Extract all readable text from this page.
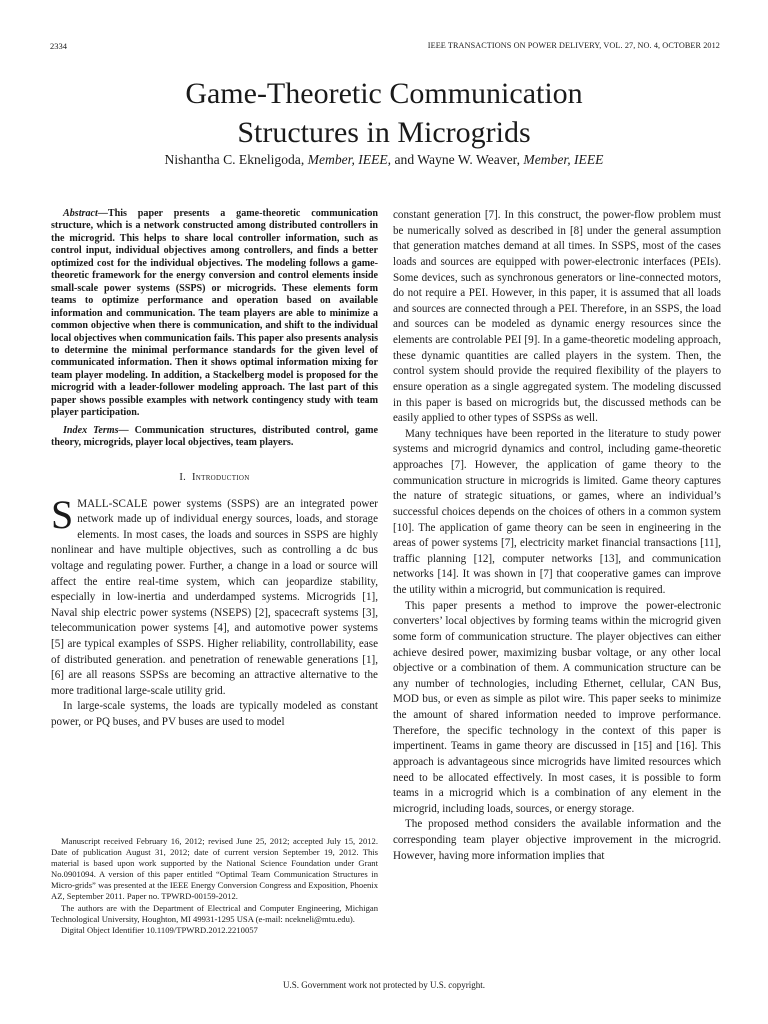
2334	IEEE TRANSACTIONS ON POWER DELIVERY, VOL. 27, NO. 4, OCTOBER 2012
Game-Theoretic Communication
Structures in Microgrids
Nishantha C. Ekneligoda, Member, IEEE, and Wayne W. Weaver, Member, IEEE

Abstract—This paper presents a game-theoretic communication structure, which is a network constructed among distributed controllers in the microgrid. This helps to share local controller information, such as control input, individual objectives among controllers, and finds a better optimized cost for the individual objectives. The modeling follows a game-theoretic framework for the energy conversion and control elements inside small-scale power systems (SSPS) or microgrids. These elements form teams to optimize performance and operation based on available information and communication. The team players are able to minimize a common objective when there is communication, and shift to the individual local objectives when communication fails. This paper also presents analysis to determine the minimal performance standards for the given level of communicated information. Then it shows optimal information mixing for team player modeling. In addition, a Stackelberg model is proposed for the microgrid with a leader-follower modeling approach. The last part of this paper shows possible examples with network contingency study with team player participation.

Index Terms— Communication structures, distributed control, game theory, microgrids, player local objectives, team players.

I. Introduction

SMALL-SCALE power systems (SSPS) are an integrated power network made up of individual energy sources, loads, and storage elements. In most cases, the loads and sources in SSPS are highly nonlinear and have multiple objectives, such as controlling a dc bus voltage and regulating power. Further, a change in a load or source will affect the entire real-time system, which can jeopardize stability, especially in low-inertia and underdamped systems. Microgrids [1], Naval ship electric power systems (NSEPS) [2], spacecraft systems [3], telecommunication power systems [4], and automotive power systems [5] are typical examples of SSPS. Higher reliability, controllability, ease of distributed generation. and penetration of renewable generations [1], [6] are all reasons SSPSs are becoming an attractive alternative to the more traditional large-scale utility grid.

In large-scale systems, the loads are typically modeled as constant power, or PQ buses, and PV buses are used to model

Manuscript received February 16, 2012; revised June 25, 2012; accepted July 15, 2012. Date of publication August 31, 2012; date of current version September 19, 2012. This material is based upon work supported by the National Science Foundation under Grant No.0901094. A version of this paper entitled “Optimal Team Communication Structures in Micro-grids” was presented at the IEEE Energy Conversion Congress and Exposition, Phoenix AZ, September 2011. Paper no. TPWRD-00159-2012.

The authors are with the Department of Electrical and Computer Engineering, Michigan Technological University, Houghton, MI 49931-1295 USA (e-mail: ncekneli@mtu.edu).

Digital Object Identifier 10.1109/TPWRD.2012.2210057

constant generation [7]. In this construct, the power-flow problem must be numerically solved as described in [8] under the general assumption that generation matches demand at all times. In SSPS, most of the cases loads and sources are equipped with power-electronic interfaces (PEIs). Some devices, such as synchronous generators or line-connected motors, do not require a PEI. However, in this paper, it is assumed that all loads and sources are connected through a PEI. Therefore, in an SSPS, the load and sources can be modeled as dynamic energy resources since the elements are controlable PEI [9]. In a game-theoretic modeling approach, these dynamic quantities are called players in the system. Then, the control system should provide the required flexibility of the players to ensure operation as a single aggregated system. The modeling discussed in this paper is based on microgrids but, the discussed methods can be easily applied to other types of SSPSs as well.

Many techniques have been reported in the literature to study power systems and microgrid dynamics and control, including game-theoretic approaches [7]. However, the application of game theory to the communication structure in microgrids is limited. Game theory captures the nature of strategic situations, or games, where an individual’s successful choices depends on the choices of others in a common system [10]. The application of game theory can be seen in engineering in the areas of power systems [7], electricity market financial transactions [11], traffic planning [12], computer networks [13], and communication networks [14]. It was shown in [7] that cooperative games can improve the utility within a microgrid, but communication is required.

This paper presents a method to improve the power-electronic converters’ local objectives by forming teams within the microgrid given some form of communication structure. The player objectives can either achieve desired power, maximizing busbar voltage, or any other local objective or a combination of them. A communication structure can be any number of technologies, including Ethernet, cellular, CAN Bus, MOD bus, or even as simple as pilot wire. This paper seeks to minimize the amount of shared information needed to improve performance. Therefore, the specific technology in the context of this paper is impertinent. Teams in game theory are discussed in [15] and [16]. This approach is advantageous since microgrids have limited resources which need to be allocated effectively. In most cases, it is possible to form teams in a microgrid which is a combination of any element in the microgrid, including loads, sources, or energy storage.

The proposed method considers the available information and the corresponding team player objective improvement in the microgrid. However, having more information implies that

U.S. Government work not protected by U.S. copyright.
